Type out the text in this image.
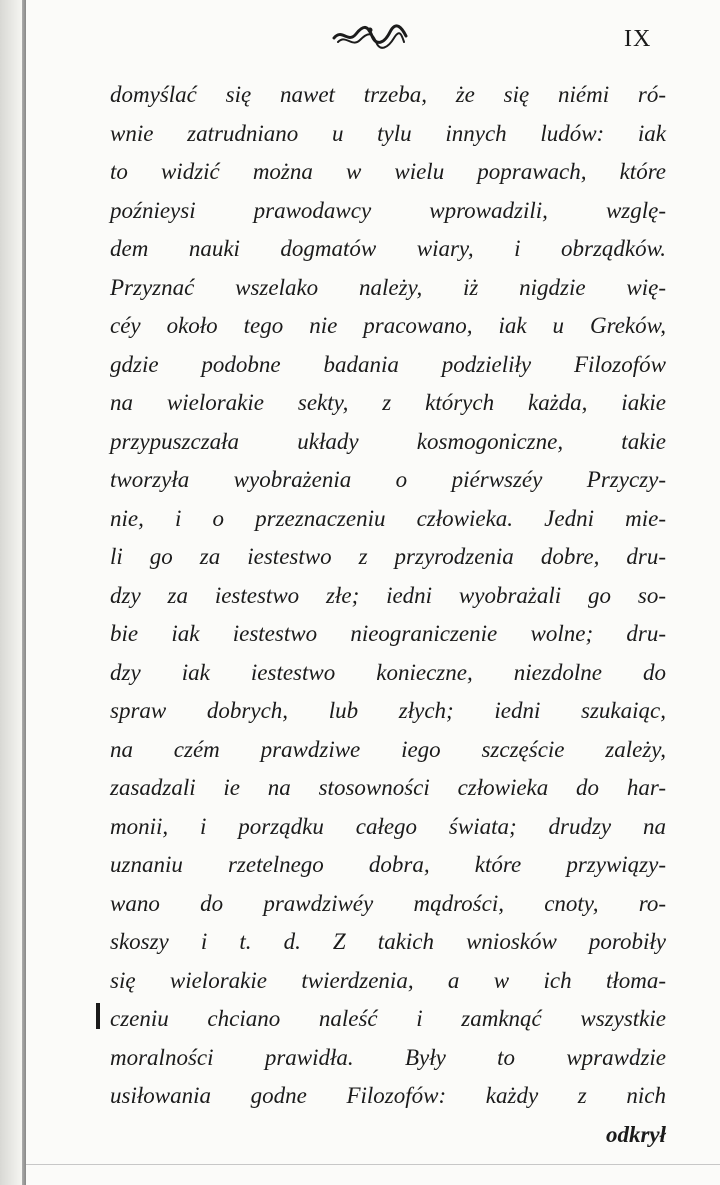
IX
domyślać się nawet trzeba, że się niémi ró-
wnie zatrudniano u tylu innych ludów: iak
to widzić można w wielu poprawach, które
poźnieysi prawodawcy wprowadzili, wzglę-
dem nauki dogmatów wiary, i obrządków.
Przyznać wszelako należy, iż nigdzie wię-
céy około tego nie pracowano, iak u Greków,
gdzie podobne badania podzieliły Filozofów
na wielorakie sekty, z których każda, iakie
przypuszczała układy kosmogoniczne, takie
tworzyła wyobrażenia o piérwszéy Przyczy-
nie, i o przeznaczeniu człowieka. Jedni mie-
li go za iestestwo z przyrodzenia dobre, dru-
dzy za iestestwo złe; iedni wyobrażali go so-
bie iak iestestwo nieograniczenie wolne; dru-
dzy iak iestestwo konieczne, niezdolne do
spraw dobrych, lub złych; iedni szukaiąc,
na czém prawdziwe iego szczęście zależy,
zasadzali ie na stosowności człowieka do har-
monii, i porządku całego świata; drudzy na
uznaniu rzetelnego dobra, które przywiązy-
wano do prawdziwéy mądrości, cnoty, ro-
skoszy i t. d. Z takich wniosków porobiły
się wielorakie twierdzenia, a w ich tłoma-
czeniu chciano naleść i zamknąć wszystkie
moralności prawidła. Były to wprawdzie
usiłowania godne Filozofów: każdy z nich
odkrył
